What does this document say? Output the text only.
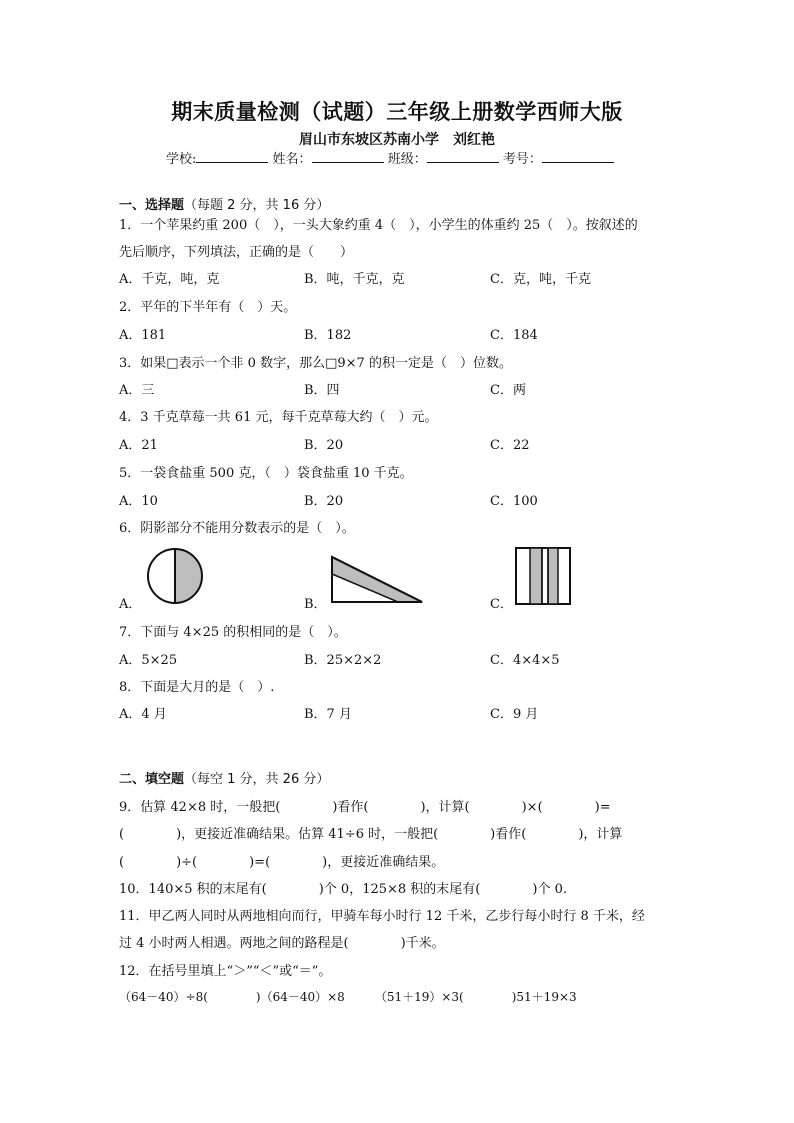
期末质量检测（试题）三年级上册数学西师大版
眉山市东坡区苏南小学　刘红艳
学校:	姓名：	班级：	考号：
一、选择题（每题 2 分，共 16 分）
1．一个苹果约重 200（　），一头大象约重 4（　），小学生的体重约 25（　）。按叙述的
先后顺序，下列填法，正确的是（　　）
A．千克，吨，克	B．吨，千克，克	C．克，吨，千克
2．平年的下半年有（　）天。
A．181	B．182	C．184
3．如果□表示一个非 0 数字，那么□9×7 的积一定是（　）位数。
A．三	B．四	C．两
4．3 千克草莓一共 61 元，每千克草莓大约（　）元。
A．21	B．20	C．22
5．一袋食盐重 500 克，（　）袋食盐重 10 千克。
A．10	B．20	C．100
6．阴影部分不能用分数表示的是（　）。
A．	B．	C．
7．下面与 4×25 的积相同的是（　）。
A．5×25	B．25×2×2	C．4×4×5
8．下面是大月的是（　）.
A．4 月	B．7 月	C．9 月
二、填空题（每空 1 分，共 26 分）
9．估算 42×8 时，一般把(　　　　)看作(　　　　)，计算(　　　　)×(　　　　)=
(　　　　)，更接近准确结果。估算 41÷6 时，一般把(　　　　)看作(　　　　)，计算
(　　　　)÷(　　　　)=(　　　　)，更接近准确结果。
10．140×5 积的末尾有(　　　　)个 0，125×8 积的末尾有(　　　　)个 0.
11．甲乙两人同时从两地相向而行，甲骑车每小时行 12 千米，乙步行每小时行 8 千米，经
过 4 小时两人相遇。两地之间的路程是(　　　　)千米。
12．在括号里填上“＞”“＜”或“＝”。
（64－40）÷8(　　　　)（64－40）×8　　　（51＋19）×3(　　　　)51＋19×3
